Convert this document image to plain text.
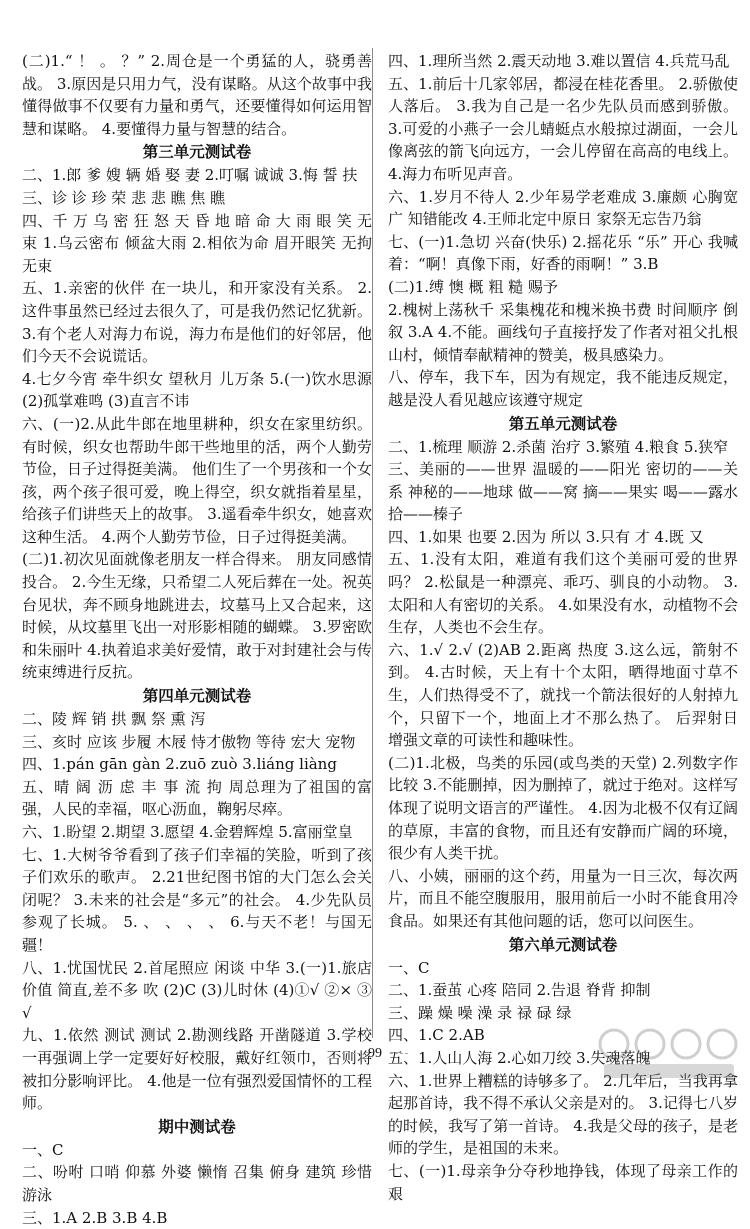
(二)1.“ ！ 。 ？” 2.周仓是一个勇猛的人，骁勇善战。 3.原因是只用力气，没有谋略。从这个故事中我懂得做事不仅要有力量和勇气，还要懂得如何运用智慧和谋略。 4.要懂得力量与智慧的结合。

第三单元测试卷

二、1.郎 爹 嫂 辆 婚 娶 妻 2.叮嘱 诚诚 3.悔 誓 扶

三、诊 诊 珍 荣 悲 悲 瞧 焦 瞧

四、千 万 乌 密 狂 怒 天 昏 地 暗 命 大 雨 眼 笑 无 束 1.乌云密布 倾盆大雨 2.相依为命 眉开眼笑 无拘无束

五、1.亲密的伙伴 在一块儿，和开家没有关系。 2.这件事虽然已经过去很久了，可是我仍然记忆犹新。 3.有个老人对海力布说，海力布是他们的好邻居，他们今天不会说谎话。

4.七夕今宵 牵牛织女 望秋月 儿万条 5.(一)饮水思源 (2)孤掌难鸣 (3)直言不讳

六、(一)2.从此牛郎在地里耕种，织女在家里纺织。有时候，织女也帮助牛郎干些地里的活，两个人勤劳节俭，日子过得挺美满。 他们生了一个男孩和一个女孩，两个孩子很可爱，晚上得空，织女就指着星星，给孩子们讲些天上的故事。 3.遥看牵牛织女，她喜欢这种生活。 4.两个人勤劳节俭，日子过得挺美满。

(二)1.初次见面就像老朋友一样合得来。 朋友同感情投合。 2.今生无缘，只希望二人死后葬在一处。祝英台见状，奔不顾身地跳进去，坟墓马上又合起来，这时候，从坟墓里飞出一对形影相随的蝴蝶。 3.罗密欧和朱丽叶 4.执着追求美好爱情，敢于对封建社会与传统束缚进行反抗。

第四单元测试卷

二、陵 辉 销 拱 飘 祭 熏 泻

三、亥时 应该 步履 木屐 恃才傲物 等待 宏大 宠物

四、1.pán gān gàn 2.zuō zuò 3.liáng liàng

五、晴 阔 沥 虑 丰 事 流 拘 周总理为了祖国的富强，人民的幸福，呕心沥血，鞠躬尽瘁。

六、1.盼望 2.期望 3.愿望 4.金碧辉煌 5.富丽堂皇

七、1.大树爷爷看到了孩子们幸福的笑脸，听到了孩子们欢乐的歌声。 2.21世纪图书馆的大门怎么会关闭呢？ 3.未来的社会是“多元”的社会。 4.少先队员参观了长城。 5. 、 、 、 、 6.与天不老！与国无疆！

八、1.忧国忧民 2.首尾照应 闲谈 中华 3.(一)1.旅店 价值 简直,差不多 吹 (2)C (3)儿时休 (4)①√ ②× ③√

九、1.依然 测试 测试 2.勘测线路 开凿隧道 3.学校一再强调上学一定要好好校服，戴好红领巾，否则将被扣分影响评比。 4.他是一位有强烈爱国情怀的工程师。

期中测试卷

一、C

二、吩咐 口哨 仰慕 外婆 懒惰 召集 俯身 建筑 珍惜 游泳

三、1.A 2.B 3.B 4.B

四、1.理所当然 2.震天动地 3.难以置信 4.兵荒马乱

五、1.前后十几家邻居，都浸在桂花香里。 2.骄傲使人落后。 3.我为自己是一名少先队员而感到骄傲。 3.可爱的小燕子一会儿蜻蜓点水般掠过湖面，一会儿像离弦的箭飞向远方，一会儿停留在高高的电线上。 4.海力布听见声音。

六、1.岁月不待人 2.少年易学老难成 3.廉颇 心胸宽广 知错能改 4.王师北定中原日 家祭无忘告乃翁

七、(一)1.急切 兴奋(快乐) 2.摇花乐 “乐” 开心 我喊着：“啊！真像下雨，好香的雨啊！” 3.B

(二)1.缚 懊 概 粗 糙 赐予

2.槐树上荡秋千 采集槐花和槐米换书费 时间顺序 倒叙 3.A 4.不能。画线句子直接抒发了作者对祖父扎根山村，倾情奉献精神的赞美，极具感染力。

八、停车，我下车，因为有规定，我不能违反规定，越是没人看见越应该遵守规定

第五单元测试卷

二、1.梳理 顺游 2.杀菌 治疗 3.繁殖 4.粮食 5.狭窄

三、美丽的——世界 温暖的——阳光 密切的——关系 神秘的——地球 做——窝 摘——果实 喝——露水 拾——榛子

四、1.如果 也要 2.因为 所以 3.只有 才 4.既 又

五、1.没有太阳，难道有我们这个美丽可爱的世界吗？ 2.松鼠是一种漂亮、乖巧、驯良的小动物。 3.太阳和人有密切的关系。 4.如果没有水，动植物不会生存，人类也不会生存。

六、1.√ 2.√ (2)AB 2.距离 热度 3.这么远，箭射不到。 4.古时候，天上有十个太阳，晒得地面寸草不生，人们热得受不了，就找一个箭法很好的人射掉九个，只留下一个，地面上才不那么热了。 后羿射日 增强文章的可读性和趣味性。

(二)1.北极，鸟类的乐园(或鸟类的天堂) 2.列数字作比较 3.不能删掉，因为删掉了，就过于绝对。这样写体现了说明文语言的严谨性。 4.因为北极不仅有辽阔的草原，丰富的食物，而且还有安静而广阔的环境，很少有人类干扰。

八、小姨，丽丽的这个药，用量为一日三次，每次两片，而且不能空腹服用，服用前后一小时不能食用冷食品。如果还有其他问题的话，您可以问医生。

第六单元测试卷

一、C

二、1.蚕茧 心疼 陪同 2.告退 脊背 抑制

三、躁 燥 噪 澡 录 禄 碌 绿

四、1.C 2.AB

五、1.人山人海 2.心如刀绞 3.失魂落魄

六、1.世界上糟糕的诗够多了。 2.几年后，当我再拿起那首诗，我不得不承认父亲是对的。 3.记得七八岁的时候，我写了第一首诗。 4.我是父母的孩子，是老师的学生，是祖国的未来。

七、(一)1.母亲争分夺秒地挣钱，体现了母亲工作的艰

99
